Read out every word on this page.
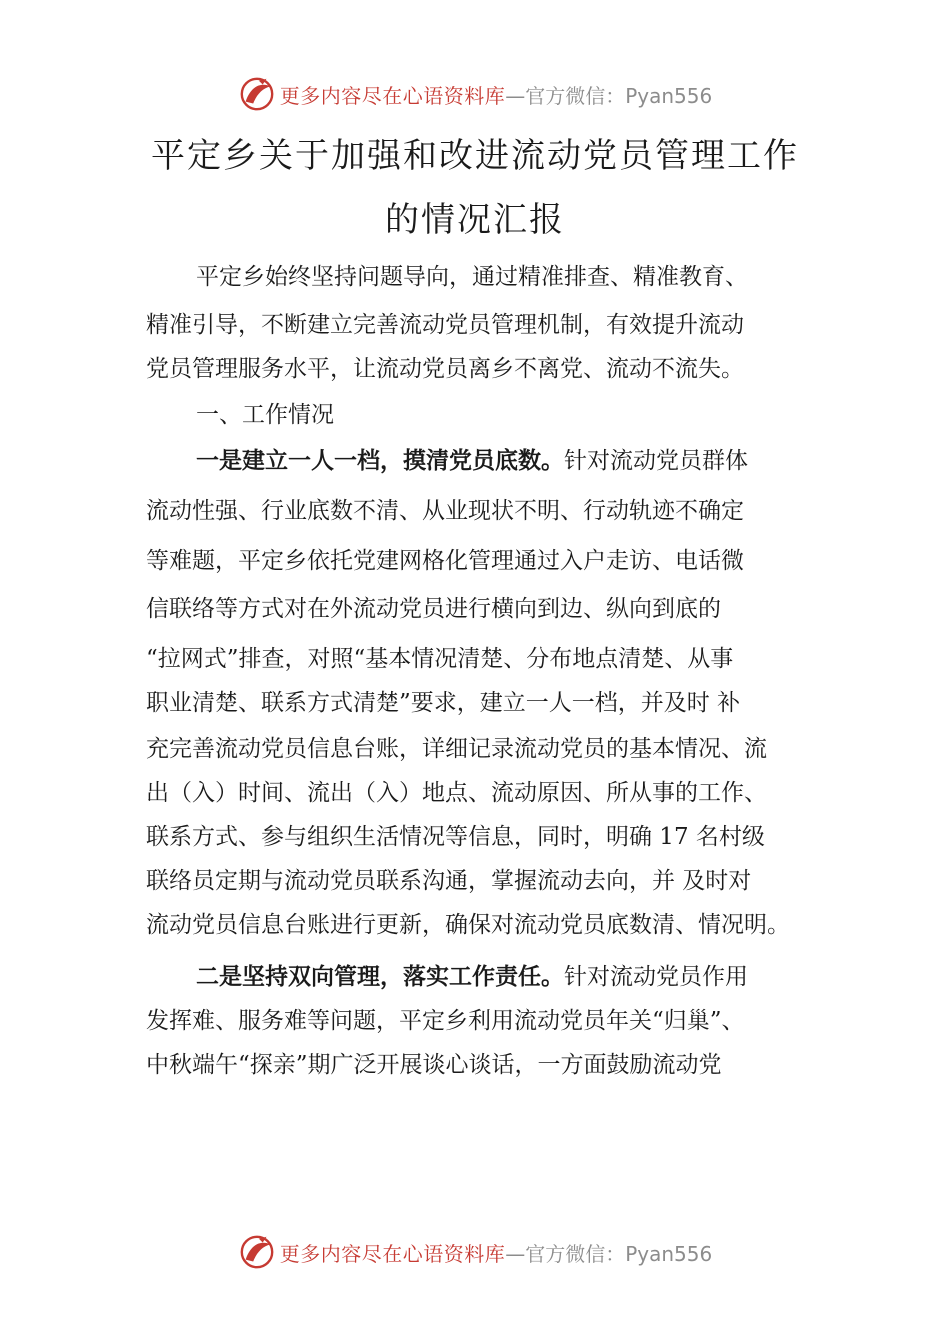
更多内容尽在心语资料库 —官方微信：Pyan556
平定乡关于加强和改进流动党员管理工作
的情况汇报

平定乡始终坚持问题导向，通过精准排查、精准教育、

精准引导，不断建立完善流动党员管理机制，有效提升流动

党员管理服务水平，让流动党员离乡不离党、流动不流失。

一、工作情况

一是建立一人一档，摸清党员底数。针对流动党员群体

流动性强、行业底数不清、从业现状不明、行动轨迹不确定

等难题，平定乡依托党建网格化管理通过入户走访、电话微

信联络等方式对在外流动党员进行横向到边、纵向到底的

“拉网式”排查，对照“基本情况清楚、分布地点清楚、从事

职业清楚、联系方式清楚”要求，建立一人一档，并及时 补

充完善流动党员信息台账，详细记录流动党员的基本情况、流

出（入）时间、流出（入）地点、流动原因、所从事的工作、

联系方式、参与组织生活情况等信息，同时，明确 17 名村级

联络员定期与流动党员联系沟通，掌握流动去向，并 及时对

流动党员信息台账进行更新，确保对流动党员底数清、情况明。

二是坚持双向管理，落实工作责任。针对流动党员作用

发挥难、服务难等问题，平定乡利用流动党员年关“归巢”、

中秋端午“探亲”期广泛开展谈心谈话，一方面鼓励流动党

更多内容尽在心语资料库 —官方微信：Pyan556
